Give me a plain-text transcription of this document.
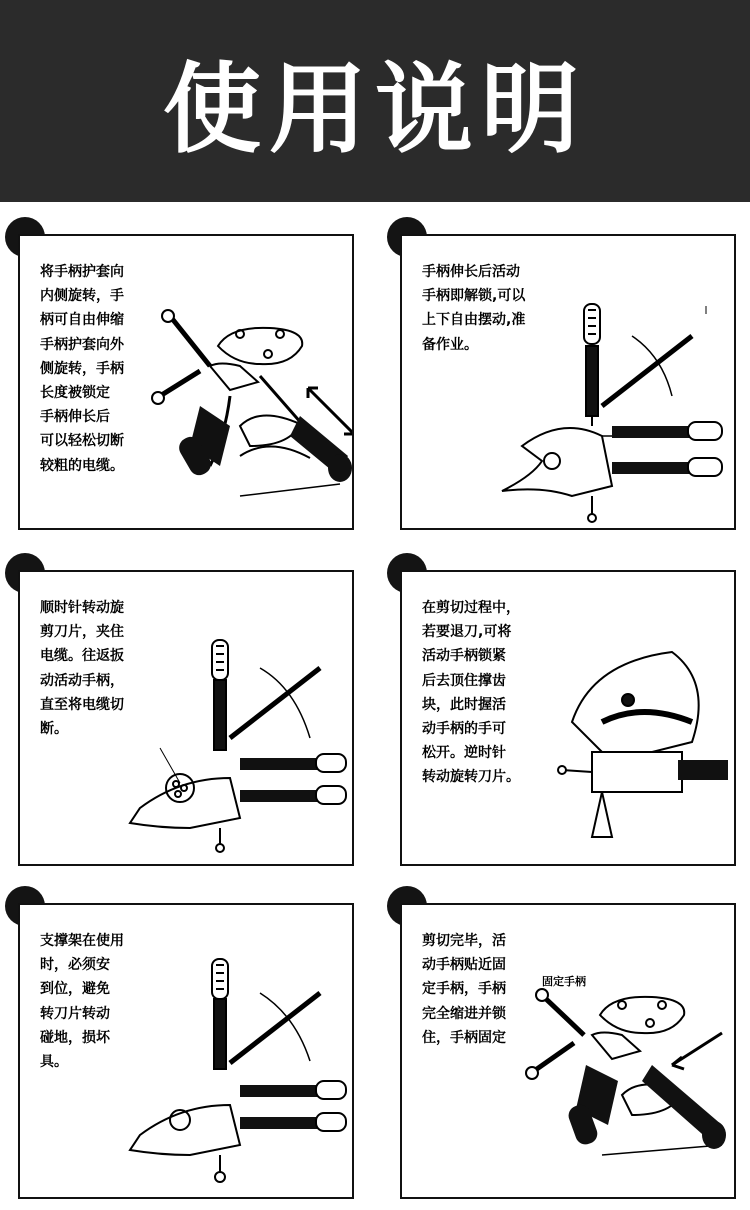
使用说明
将手柄护套向
内侧旋转，手
柄可自由伸缩
手柄护套向外
侧旋转，手柄
长度被锁定
手柄伸长后
可以轻松切断
较粗的电缆。
手柄伸长后活动
手柄即解锁,可以
上下自由摆动,准
备作业。
顺时针转动旋
剪刀片，夹住
电缆。往返扳
动活动手柄，
直至将电缆切
断。
在剪切过程中，
若要退刀,可将
活动手柄锁紧
后去顶住撑齿
块，此时握活
动手柄的手可
松开。逆时针
转动旋转刀片。
支撑架在使用
时，必须安
到位，避免
转刀片转动
碰地，损坏
具。
剪切完毕，活
动手柄贴近固
定手柄，手柄
完全缩进并锁
住，手柄固定
固定手柄
